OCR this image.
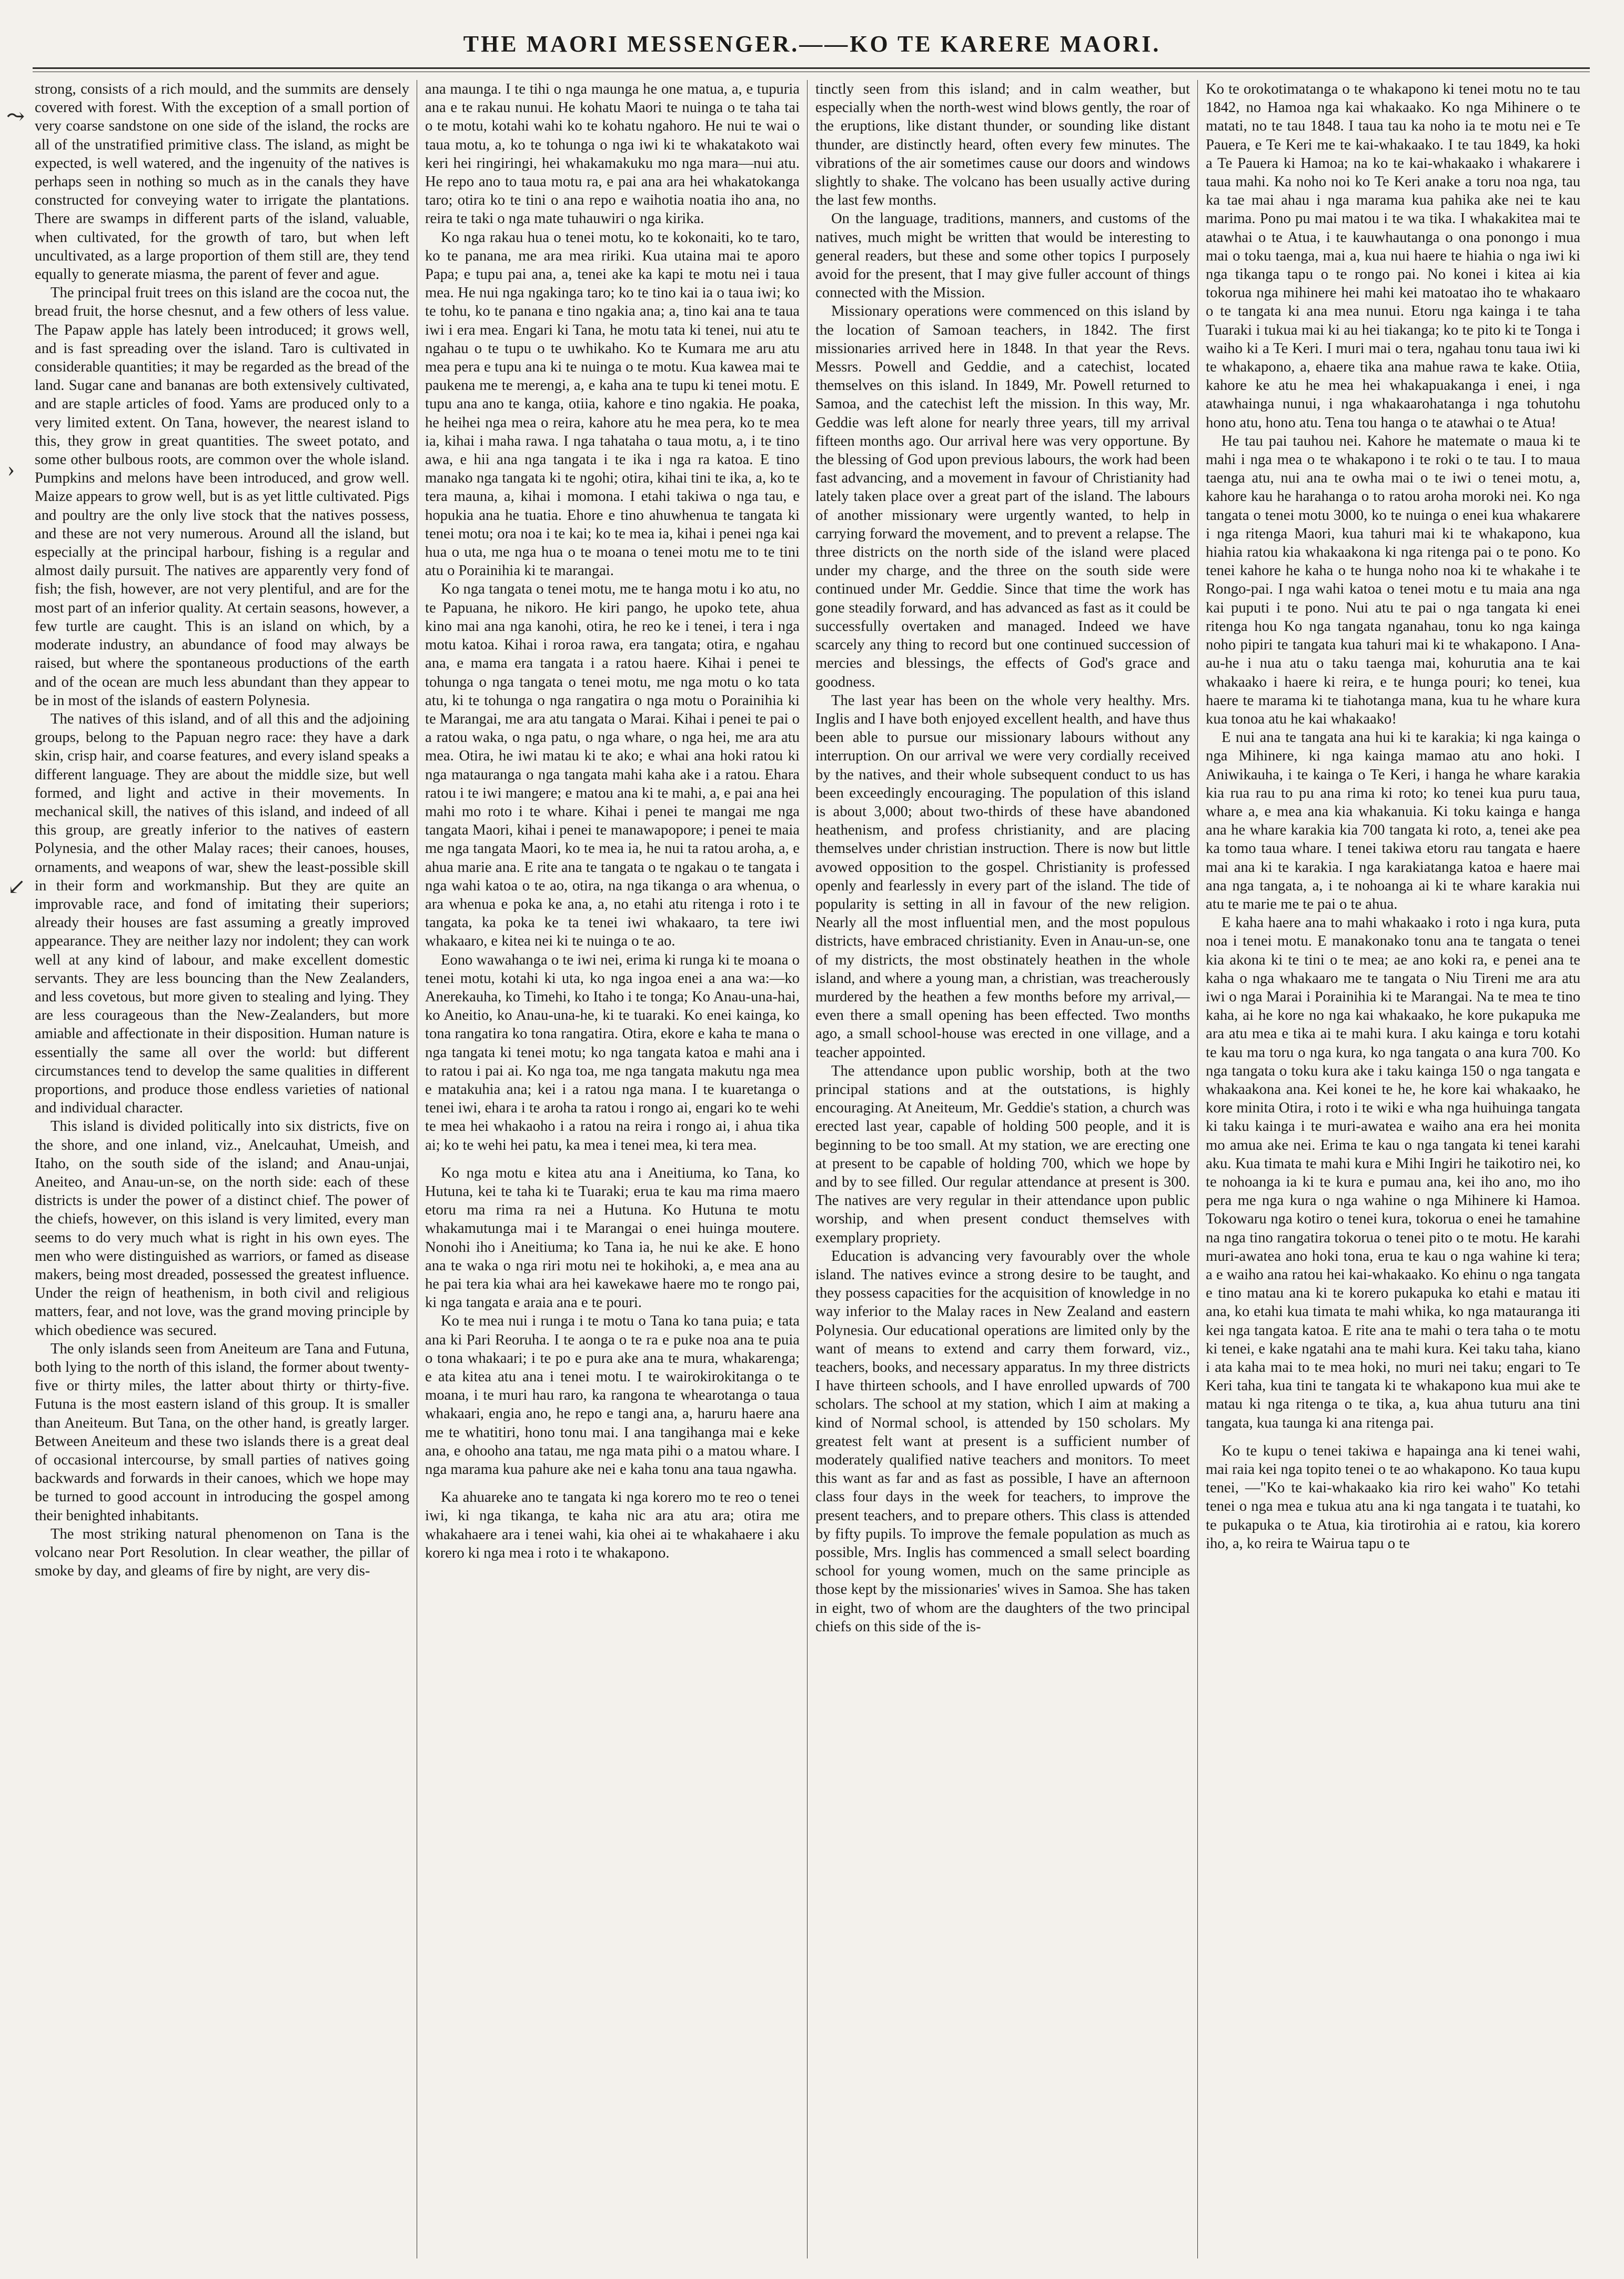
THE MAORI MESSENGER.——KO TE KARERE MAORI.
⤳
›
↙

strong, consists of a rich mould, and the summits are densely covered with forest. With the exception of a small portion of very coarse sandstone on one side of the island, the rocks are all of the unstratified primitive class. The island, as might be expected, is well watered, and the ingenuity of the natives is perhaps seen in nothing so much as in the canals they have constructed for conveying water to irrigate the plantations. There are swamps in different parts of the island, valuable, when cultivated, for the growth of taro, but when left uncultivated, as a large proportion of them still are, they tend equally to generate miasma, the parent of fever and ague.

The principal fruit trees on this island are the cocoa nut, the bread fruit, the horse chesnut, and a few others of less value. The Papaw apple has lately been introduced; it grows well, and is fast spreading over the island. Taro is cultivated in considerable quantities; it may be regarded as the bread of the land. Sugar cane and bananas are both extensively cultivated, and are staple articles of food. Yams are produced only to a very limited extent. On Tana, however, the nearest island to this, they grow in great quantities. The sweet potato, and some other bulbous roots, are common over the whole island. Pumpkins and melons have been introduced, and grow well. Maize appears to grow well, but is as yet little cultivated. Pigs and poultry are the only live stock that the natives possess, and these are not very numerous. Around all the island, but especially at the principal harbour, fishing is a regular and almost daily pursuit. The natives are apparently very fond of fish; the fish, however, are not very plentiful, and are for the most part of an inferior quality. At certain seasons, however, a few turtle are caught. This is an island on which, by a moderate industry, an abundance of food may always be raised, but where the spontaneous productions of the earth and of the ocean are much less abundant than they appear to be in most of the islands of eastern Polynesia.

The natives of this island, and of all this and the adjoining groups, belong to the Papuan negro race: they have a dark skin, crisp hair, and coarse features, and every island speaks a different language. They are about the middle size, but well formed, and light and active in their movements. In mechanical skill, the natives of this island, and indeed of all this group, are greatly inferior to the natives of eastern Polynesia, and the other Malay races; their canoes, houses, ornaments, and weapons of war, shew the least-possible skill in their form and workmanship. But they are quite an improvable race, and fond of imitating their superiors; already their houses are fast assuming a greatly improved appearance. They are neither lazy nor indolent; they can work well at any kind of labour, and make excellent domestic servants. They are less bouncing than the New Zealanders, and less covetous, but more given to stealing and lying. They are less courageous than the New-Zealanders, but more amiable and affectionate in their disposition. Human nature is essentially the same all over the world: but different circumstances tend to develop the same qualities in different proportions, and produce those endless varieties of national and individual character.

This island is divided politically into six districts, five on the shore, and one inland, viz., Anelcauhat, Umeish, and Itaho, on the south side of the island; and Anau-unjai, Aneiteo, and Anau-un-se, on the north side: each of these districts is under the power of a distinct chief. The power of the chiefs, however, on this island is very limited, every man seems to do very much what is right in his own eyes. The men who were distinguished as warriors, or famed as disease makers, being most dreaded, possessed the greatest influence. Under the reign of heathenism, in both civil and religious matters, fear, and not love, was the grand moving principle by which obedience was secured.

The only islands seen from Aneiteum are Tana and Futuna, both lying to the north of this island, the former about twenty-five or thirty miles, the latter about thirty or thirty-five. Futuna is the most eastern island of this group. It is smaller than Aneiteum. But Tana, on the other hand, is greatly larger. Between Aneiteum and these two islands there is a great deal of occasional intercourse, by small parties of natives going backwards and forwards in their canoes, which we hope may be turned to good account in introducing the gospel among their benighted inhabitants.

The most striking natural phenomenon on Tana is the volcano near Port Resolution. In clear weather, the pillar of smoke by day, and gleams of fire by night, are very dis-

ana maunga. I te tihi o nga maunga he one matua, a, e tupuria ana e te rakau nunui. He kohatu Maori te nuinga o te taha tai o te motu, kotahi wahi ko te kohatu ngahoro. He nui te wai o taua motu, a, ko te tohunga o nga iwi ki te whakatakoto wai keri hei ringiringi, hei whakamakuku mo nga mara—nui atu. He repo ano to taua motu ra, e pai ana ara hei whakatokanga taro; otira ko te tini o ana repo e waihotia noatia iho ana, no reira te taki o nga mate tuhauwiri o nga kirika.

Ko nga rakau hua o tenei motu, ko te kokonaiti, ko te taro, ko te panana, me ara mea ririki. Kua utaina mai te aporo Papa; e tupu pai ana, a, tenei ake ka kapi te motu nei i taua mea. He nui nga ngakinga taro; ko te tino kai ia o taua iwi; ko te tohu, ko te panana e tino ngakia ana; a, tino kai ana te taua iwi i era mea. Engari ki Tana, he motu tata ki tenei, nui atu te ngahau o te tupu o te uwhikaho. Ko te Kumara me aru atu mea pera e tupu ana ki te nuinga o te motu. Kua kawea mai te paukena me te merengi, a, e kaha ana te tupu ki tenei motu. E tupu ana ano te kanga, otiia, kahore e tino ngakia. He poaka, he heihei nga mea o reira, kahore atu he mea pera, ko te mea ia, kihai i maha rawa. I nga tahataha o taua motu, a, i te tino awa, e hii ana nga tangata i te ika i nga ra katoa. E tino manako nga tangata ki te ngohi; otira, kihai tini te ika, a, ko te tera mauna, a, kihai i momona. I etahi takiwa o nga tau, e hopukia ana he tuatia. Ehore e tino ahuwhenua te tangata ki tenei motu; ora noa i te kai; ko te mea ia, kihai i penei nga kai hua o uta, me nga hua o te moana o tenei motu me to te tini atu o Porainihia ki te marangai.

Ko nga tangata o tenei motu, me te hanga motu i ko atu, no te Papuana, he nikoro. He kiri pango, he upoko tete, ahua kino mai ana nga kanohi, otira, he reo ke i tenei, i tera i nga motu katoa. Kihai i roroa rawa, era tangata; otira, e ngahau ana, e mama era tangata i a ratou haere. Kihai i penei te tohunga o nga tangata o tenei motu, me nga motu o ko tata atu, ki te tohunga o nga rangatira o nga motu o Porainihia ki te Marangai, me ara atu tangata o Marai. Kihai i penei te pai o a ratou waka, o nga patu, o nga whare, o nga hei, me ara atu mea. Otira, he iwi matau ki te ako; e whai ana hoki ratou ki nga matauranga o nga tangata mahi kaha ake i a ratou. Ehara ratou i te iwi mangere; e matou ana ki te mahi, a, e pai ana hei mahi mo roto i te whare. Kihai i penei te mangai me nga tangata Maori, kihai i penei te manawapopore; i penei te maia me nga tangata Maori, ko te mea ia, he nui ta ratou aroha, a, e ahua marie ana. E rite ana te tangata o te ngakau o te tangata i nga wahi katoa o te ao, otira, na nga tikanga o ara whenua, o ara whenua e poka ke ana, a, no etahi atu ritenga i roto i te tangata, ka poka ke ta tenei iwi whakaaro, ta tere iwi whakaaro, e kitea nei ki te nuinga o te ao.

Eono wawahanga o te iwi nei, erima ki runga ki te moana o tenei motu, kotahi ki uta, ko nga ingoa enei a ana wa:—ko Anerekauha, ko Timehi, ko Itaho i te tonga; Ko Anau-una-hai, ko Aneitio, ko Anau-una-he, ki te tuaraki. Ko enei kainga, ko tona rangatira ko tona rangatira. Otira, ekore e kaha te mana o nga tangata ki tenei motu; ko nga tangata katoa e mahi ana i to ratou i pai ai. Ko nga toa, me nga tangata makutu nga mea e matakuhia ana; kei i a ratou nga mana. I te kuaretanga o tenei iwi, ehara i te aroha ta ratou i rongo ai, engari ko te wehi te mea hei whakaoho i a ratou na reira i rongo ai, i ahua tika ai; ko te wehi hei patu, ka mea i tenei mea, ki tera mea.

Ko nga motu e kitea atu ana i Aneitiuma, ko Tana, ko Hutuna, kei te taha ki te Tuaraki; erua te kau ma rima maero etoru ma rima ra nei a Hutuna. Ko Hutuna te motu whakamutunga mai i te Marangai o enei huinga moutere. Nonohi iho i Aneitiuma; ko Tana ia, he nui ke ake. E hono ana te waka o nga riri motu nei te hokihoki, a, e mea ana au he pai tera kia whai ara hei kawekawe haere mo te rongo pai, ki nga tangata e araia ana e te pouri.

Ko te mea nui i runga i te motu o Tana ko tana puia; e tata ana ki Pari Reoruha. I te aonga o te ra e puke noa ana te puia o tona whakaari; i te po e pura ake ana te mura, whakarenga; e ata kitea atu ana i tenei motu. I te wairokirokitanga o te moana, i te muri hau raro, ka rangona te whearotanga o taua whakaari, engia ano, he repo e tangi ana, a, haruru haere ana me te whatitiri, hono tonu mai. I ana tangihanga mai e keke ana, e ohooho ana tatau, me nga mata pihi o a matou whare. I nga marama kua pahure ake nei e kaha tonu ana taua ngawha.

Ka ahuareke ano te tangata ki nga korero mo te reo o tenei iwi, ki nga tikanga, te kaha nic ara atu ara; otira me whakahaere ara i tenei wahi, kia ohei ai te whakahaere i aku korero ki nga mea i roto i te whakapono.

tinctly seen from this island; and in calm weather, but especially when the north-west wind blows gently, the roar of the eruptions, like distant thunder, or sounding like distant thunder, are distinctly heard, often every few minutes. The vibrations of the air sometimes cause our doors and windows slightly to shake. The volcano has been usually active during the last few months.

On the language, traditions, manners, and customs of the natives, much might be written that would be interesting to general readers, but these and some other topics I purposely avoid for the present, that I may give fuller account of things connected with the Mission.

Missionary operations were commenced on this island by the location of Samoan teachers, in 1842. The first missionaries arrived here in 1848. In that year the Revs. Messrs. Powell and Geddie, and a catechist, located themselves on this island. In 1849, Mr. Powell returned to Samoa, and the catechist left the mission. In this way, Mr. Geddie was left alone for nearly three years, till my arrival fifteen months ago. Our arrival here was very opportune. By the blessing of God upon previous labours, the work had been fast advancing, and a movement in favour of Christianity had lately taken place over a great part of the island. The labours of another missionary were urgently wanted, to help in carrying forward the movement, and to prevent a relapse. The three districts on the north side of the island were placed under my charge, and the three on the south side were continued under Mr. Geddie. Since that time the work has gone steadily forward, and has advanced as fast as it could be successfully overtaken and managed. Indeed we have scarcely any thing to record but one continued succession of mercies and blessings, the effects of God's grace and goodness.

The last year has been on the whole very healthy. Mrs. Inglis and I have both enjoyed excellent health, and have thus been able to pursue our missionary labours without any interruption. On our arrival we were very cordially received by the natives, and their whole subsequent conduct to us has been exceedingly encouraging. The population of this island is about 3,000; about two-thirds of these have abandoned heathenism, and profess christianity, and are placing themselves under christian instruction. There is now but little avowed opposition to the gospel. Christianity is professed openly and fearlessly in every part of the island. The tide of popularity is setting in all in favour of the new religion. Nearly all the most influential men, and the most populous districts, have embraced christianity. Even in Anau-un-se, one of my districts, the most obstinately heathen in the whole island, and where a young man, a christian, was treacherously murdered by the heathen a few months before my arrival,—even there a small opening has been effected. Two months ago, a small school-house was erected in one village, and a teacher appointed.

The attendance upon public worship, both at the two principal stations and at the outstations, is highly encouraging. At Aneiteum, Mr. Geddie's station, a church was erected last year, capable of holding 500 people, and it is beginning to be too small. At my station, we are erecting one at present to be capable of holding 700, which we hope by and by to see filled. Our regular attendance at present is 300. The natives are very regular in their attendance upon public worship, and when present conduct themselves with exemplary propriety.

Education is advancing very favourably over the whole island. The natives evince a strong desire to be taught, and they possess capacities for the acquisition of knowledge in no way inferior to the Malay races in New Zealand and eastern Polynesia. Our educational operations are limited only by the want of means to extend and carry them forward, viz., teachers, books, and necessary apparatus. In my three districts I have thirteen schools, and I have enrolled upwards of 700 scholars. The school at my station, which I aim at making a kind of Normal school, is attended by 150 scholars. My greatest felt want at present is a sufficient number of moderately qualified native teachers and monitors. To meet this want as far and as fast as possible, I have an afternoon class four days in the week for teachers, to improve the present teachers, and to prepare others. This class is attended by fifty pupils. To improve the female population as much as possible, Mrs. Inglis has commenced a small select boarding school for young women, much on the same principle as those kept by the missionaries' wives in Samoa. She has taken in eight, two of whom are the daughters of the two principal chiefs on this side of the is-

Ko te orokotimatanga o te whakapono ki tenei motu no te tau 1842, no Hamoa nga kai whakaako. Ko nga Mihinere o te matati, no te tau 1848. I taua tau ka noho ia te motu nei e Te Pauera, e Te Keri me te kai-whakaako. I te tau 1849, ka hoki a Te Pauera ki Hamoa; na ko te kai-whakaako i whakarere i taua mahi. Ka noho noi ko Te Keri anake a toru noa nga, tau ka tae mai ahau i nga marama kua pahika ake nei te kau marima. Pono pu mai matou i te wa tika. I whakakitea mai te atawhai o te Atua, i te kauwhautanga o ona ponongo i mua mai o toku taenga, mai a, kua nui haere te hiahia o nga iwi ki nga tikanga tapu o te rongo pai. No konei i kitea ai kia tokorua nga mihinere hei mahi kei matoatao iho te whakaaro o te tangata ki ana mea nunui. Etoru nga kainga i te taha Tuaraki i tukua mai ki au hei tiakanga; ko te pito ki te Tonga i waiho ki a Te Keri. I muri mai o tera, ngahau tonu taua iwi ki te whakapono, a, ehaere tika ana mahue rawa te kake. Otiia, kahore ke atu he mea hei whakapuakanga i enei, i nga atawhainga nunui, i nga whakaarohatanga i nga tohutohu hono atu, hono atu. Tena tou hanga o te atawhai o te Atua!

He tau pai tauhou nei. Kahore he matemate o maua ki te mahi i nga mea o te whakapono i te roki o te tau. I to maua taenga atu, nui ana te owha mai o te iwi o tenei motu, a, kahore kau he harahanga o to ratou aroha moroki nei. Ko nga tangata o tenei motu 3000, ko te nuinga o enei kua whakarere i nga ritenga Maori, kua tahuri mai ki te whakapono, kua hiahia ratou kia whakaakona ki nga ritenga pai o te pono. Ko tenei kahore he kaha o te hunga noho noa ki te whakahe i te Rongo-pai. I nga wahi katoa o tenei motu e tu maia ana nga kai puputi i te pono. Nui atu te pai o nga tangata ki enei ritenga hou Ko nga tangata nganahau, tonu ko nga kainga noho pipiri te tangata kua tahuri mai ki te whakapono. I Ana-au-he i nua atu o taku taenga mai, kohurutia ana te kai whakaako i haere ki reira, e te hunga pouri; ko tenei, kua haere te marama ki te tiahotanga mana, kua tu he whare kura kua tonoa atu he kai whakaako!

E nui ana te tangata ana hui ki te karakia; ki nga kainga o nga Mihinere, ki nga kainga mamao atu ano hoki. I Aniwikauha, i te kainga o Te Keri, i hanga he whare karakia kia rua rau to pu ana rima ki roto; ko tenei kua puru taua, whare a, e mea ana kia whakanuia. Ki toku kainga e hanga ana he whare karakia kia 700 tangata ki roto, a, tenei ake pea ka tomo taua whare. I tenei takiwa etoru rau tangata e haere mai ana ki te karakia. I nga karakiatanga katoa e haere mai ana nga tangata, a, i te nohoanga ai ki te whare karakia nui atu te marie me te pai o te ahua.

E kaha haere ana to mahi whakaako i roto i nga kura, puta noa i tenei motu. E manakonako tonu ana te tangata o tenei kia akona ki te tini o te mea; ae ano koki ra, e penei ana te kaha o nga whakaaro me te tangata o Niu Tireni me ara atu iwi o nga Marai i Porainihia ki te Marangai. Na te mea te tino kaha, ai he kore no nga kai whakaako, he kore pukapuka me ara atu mea e tika ai te mahi kura. I aku kainga e toru kotahi te kau ma toru o nga kura, ko nga tangata o ana kura 700. Ko nga tangata o toku kura ake i taku kainga 150 o nga tangata e whakaakona ana. Kei konei te he, he kore kai whakaako, he kore minita Otira, i roto i te wiki e wha nga huihuinga tangata ki taku kainga i te muri-awatea e waiho ana era hei monita mo amua ake nei. Erima te kau o nga tangata ki tenei karahi aku. Kua timata te mahi kura e Mihi Ingiri he taikotiro nei, ko te nohoanga ia ki te kura e pumau ana, kei iho ano, mo iho pera me nga kura o nga wahine o nga Mihinere ki Hamoa. Tokowaru nga kotiro o tenei kura, tokorua o enei he tamahine na nga tino rangatira tokorua o tenei pito o te motu. He karahi muri-awatea ano hoki tona, erua te kau o nga wahine ki tera; a e waiho ana ratou hei kai-whakaako. Ko ehinu o nga tangata e tino matau ana ki te korero pukapuka ko etahi e matau iti ana, ko etahi kua timata te mahi whika, ko nga matauranga iti kei nga tangata katoa. E rite ana te mahi o tera taha o te motu ki tenei, e kake ngatahi ana te mahi kura. Kei taku taha, kiano i ata kaha mai to te mea hoki, no muri nei taku; engari to Te Keri taha, kua tini te tangata ki te whakapono kua mui ake te matau ki nga ritenga o te tika, a, kua ahua tuturu ana tini tangata, kua taunga ki ana ritenga pai.

Ko te kupu o tenei takiwa e hapainga ana ki tenei wahi, mai raia kei nga topito tenei o te ao whakapono. Ko taua kupu tenei, —"Ko te kai-whakaako kia riro kei waho" Ko tetahi tenei o nga mea e tukua atu ana ki nga tangata i te tuatahi, ko te pukapuka o te Atua, kia tirotirohia ai e ratou, kia korero iho, a, ko reira te Wairua tapu o te
